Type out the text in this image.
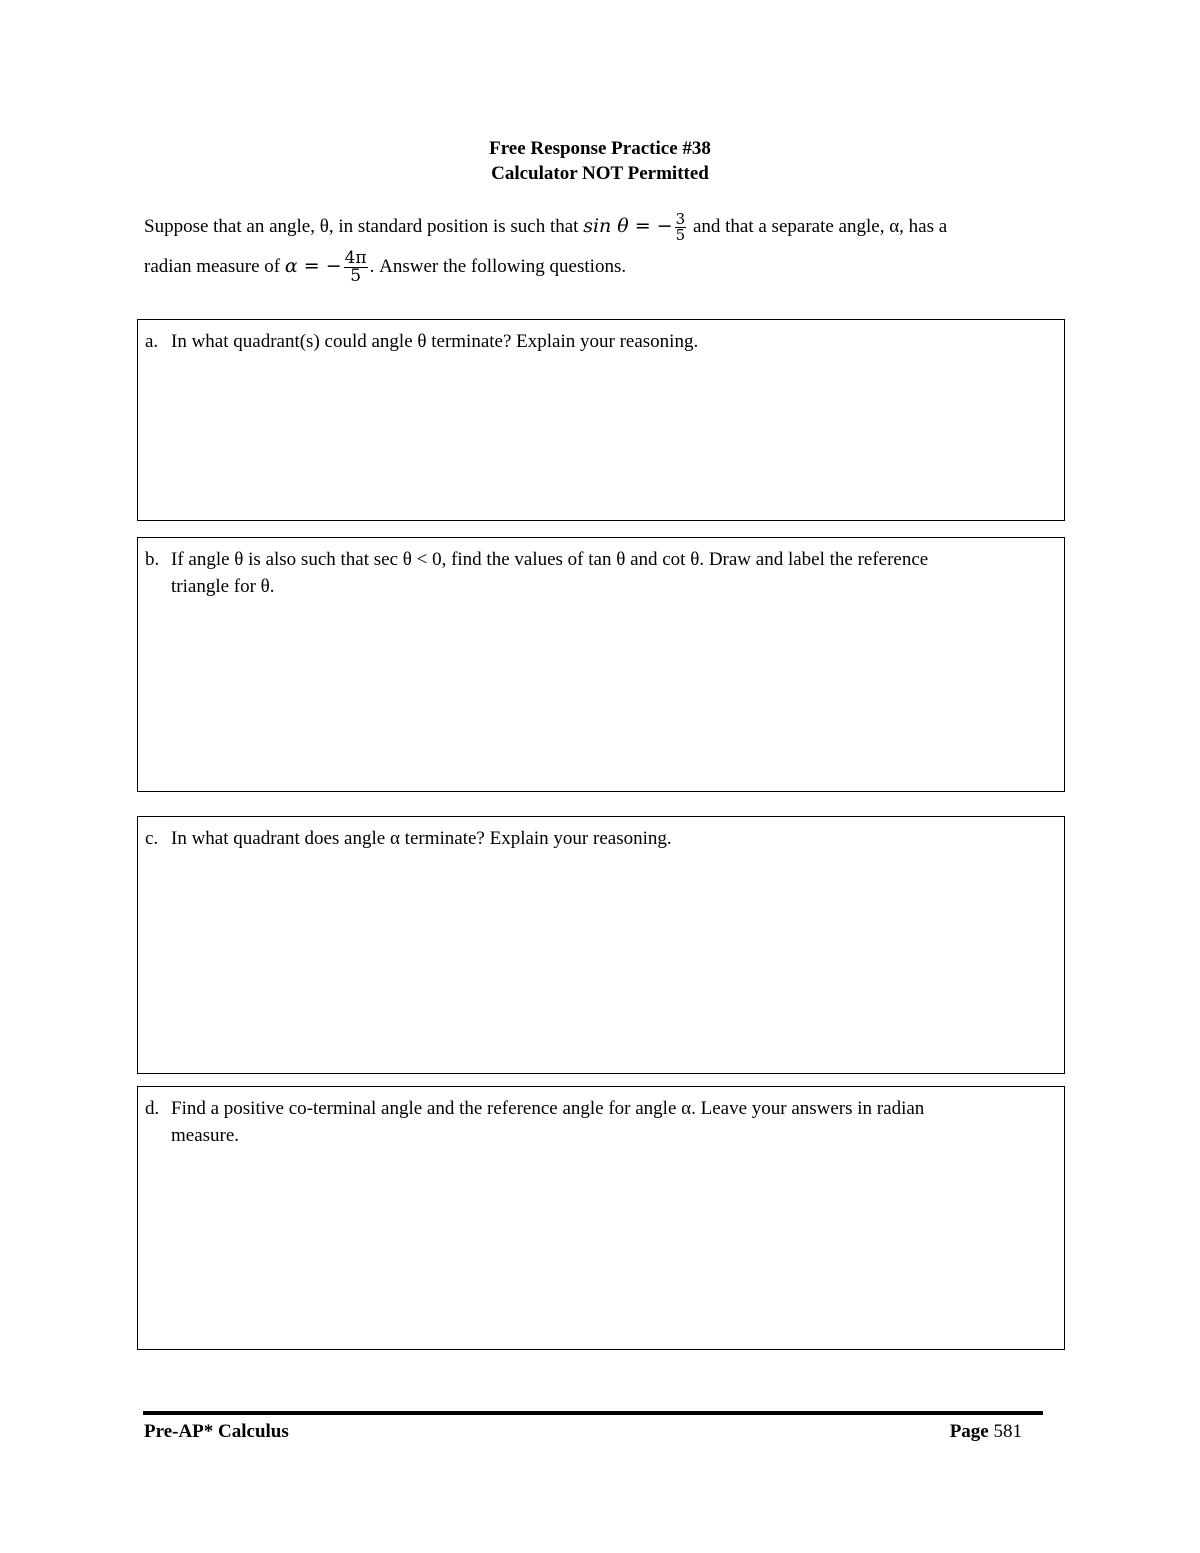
Free Response Practice #38
Calculator NOT Permitted
Suppose that an angle, θ, in standard position is such that sin θ = − $\frac{3}{5}$ and that a separate angle, α, has a
radian measure of α = − $\frac{4\pi}{5}$ . Answer the following questions.
a. In what quadrant(s) could angle θ terminate? Explain your reasoning.
b. If angle θ is also such that sec θ < 0, find the values of tan θ and cot θ. Draw and label the reference
triangle for θ.
c. In what quadrant does angle α terminate? Explain your reasoning.
d. Find a positive co-terminal angle and the reference angle for angle α. Leave your answers in radian
measure.
Pre-AP* Calculus	Page 581
